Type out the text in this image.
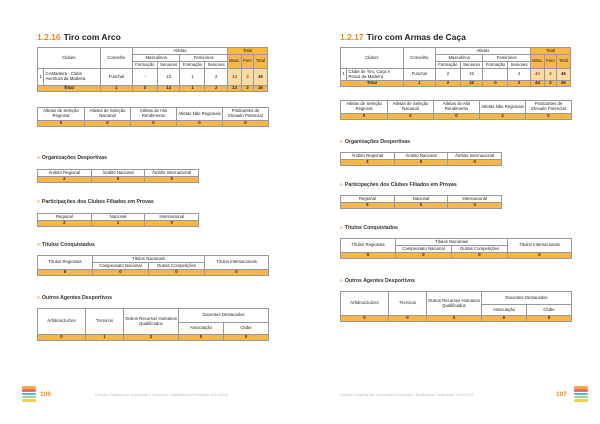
1.2.16 Tiro com Arco
Clubes		Concelho	Atletas				Total		
			Masculinos		Femininos		Masc.	Fem	Total
			Formação	Seniores	Formação	Seniores			
1	CAMadeira - Clube Aventura da Madeira	Funchal	-	13	1	2	13	3	16
Total		1	0	13	1	2	13	3	16
Atletas de Seleção Regional	Atletas de Seleção Nacional	Atletas de Alto Rendimento	Atletas Não Regionais	Praticantes de Elevado Potencial
0	0	0	0	0
» Organizações Desportivas
Âmbito Regional	Âmbito Nacional	Âmbito Internacional
2	0	0
» Participações dos Clubes Filiados em Provas
Regional	Nacional	Internacional
2	1	0
» Títulos Conquistados
Títulos Regionais	Títulos Nacionais		Títulos Internacionais
	Campeonato Nacional	Outras Competições	
6	0	0	0
» Outros Agentes Desportivos
Árbitros/Juízes	Técnicos	Outros Recursos Humanos Qualificados	Docentes Destacados	
			Associação	Clube
0	1	2	0	0
106	Direção Regional de Juventude e Desporto | Estatísticas Federadas 2014/2015
1.2.17 Tiro com Armas de Caça
Clubes		Concelho	Atletas				Total		
			Masculinos		Femininos		Masc.	Fem	Total
			Formação	Seniores	Formação	Seniores			
1	Clube de Tiro, Caça e Pesca da Madeira	Funchal	2	42		2	44	2	46
Total		1	2	42	0	2	44	2	46
Atletas de Seleção Regional	Atletas de Seleção Nacional	Atletas de Alto Rendimento	Atletas Não Regionais	Praticantes de Elevado Potencial
0	0	0	4	0
» Organizações Desportivas
Âmbito Regional	Âmbito Nacional	Âmbito Internacional
2	0	0
» Participações dos Clubes Filiados em Provas
Regional	Nacional	Internacional
5	0	0
» Títulos Conquistados
Títulos Regionais	Títulos Nacionais		Títulos Internacionais
	Campeonato Nacional	Outras Competições	
9	0	0	0
» Outros Agentes Desportivos
Árbitros/Juízes	Técnicos	Outros Recursos Humanos Qualificados	Docentes Destacados	
			Associação	Clube
0	0	3	0	0
Direção Regional de Juventude e Desporto | Estatísticas Federadas 2014/2015	107
